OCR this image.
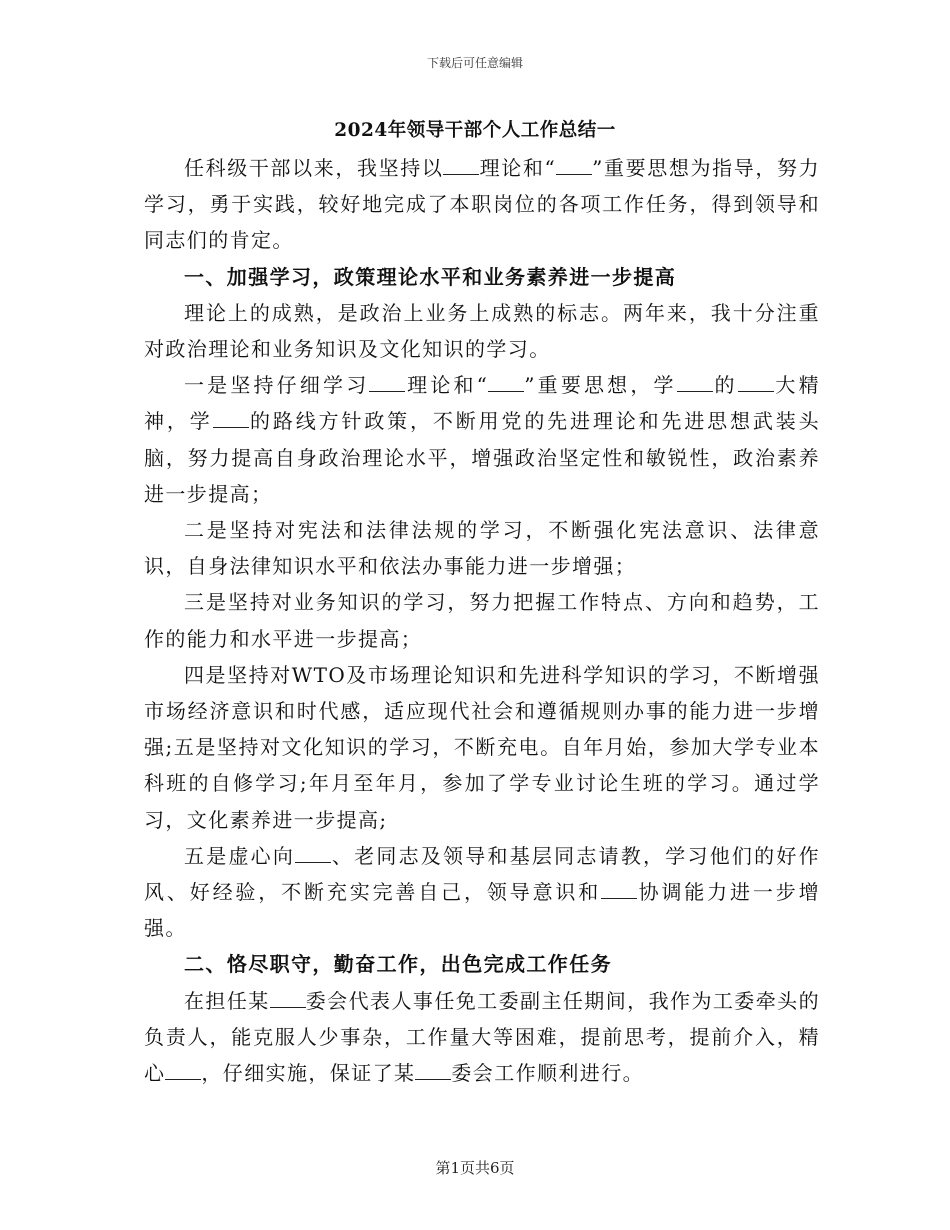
下载后可任意编辑
2024年领导干部个人工作总结一

任科级干部以来，我坚持以 理论和“ ”重要思想为指导，努力学习，勇于实践，较好地完成了本职岗位的各项工作任务，得到领导和同志们的肯定。

一、加强学习，政策理论水平和业务素养进一步提高

理论上的成熟，是政治上业务上成熟的标志。两年来，我十分注重对政治理论和业务知识及文化知识的学习。

一是坚持仔细学习 理论和“ ”重要思想，学 的 大精神，学 的路线方针政策，不断用党的先进理论和先进思想武装头脑，努力提高自身政治理论水平，增强政治坚定性和敏锐性，政治素养进一步提高；

二是坚持对宪法和法律法规的学习，不断强化宪法意识、法律意识，自身法律知识水平和依法办事能力进一步增强；

三是坚持对业务知识的学习，努力把握工作特点、方向和趋势，工作的能力和水平进一步提高；

四是坚持对WTO及市场理论知识和先进科学知识的学习，不断增强市场经济意识和时代感，适应现代社会和遵循规则办事的能力进一步增强;五是坚持对文化知识的学习，不断充电。自年月始，参加大学专业本科班的自修学习;年月至年月，参加了学专业讨论生班的学习。通过学习，文化素养进一步提高;

五是虚心向 、老同志及领导和基层同志请教，学习他们的好作风、好经验，不断充实完善自己，领导意识和 协调能力进一步增强。

二、恪尽职守，勤奋工作，出色完成工作任务

在担任某 委会代表人事任免工委副主任期间，我作为工委牵头的负责人，能克服人少事杂，工作量大等困难，提前思考，提前介入，精心 ，仔细实施，保证了某 委会工作顺利进行。

第1页共6页
